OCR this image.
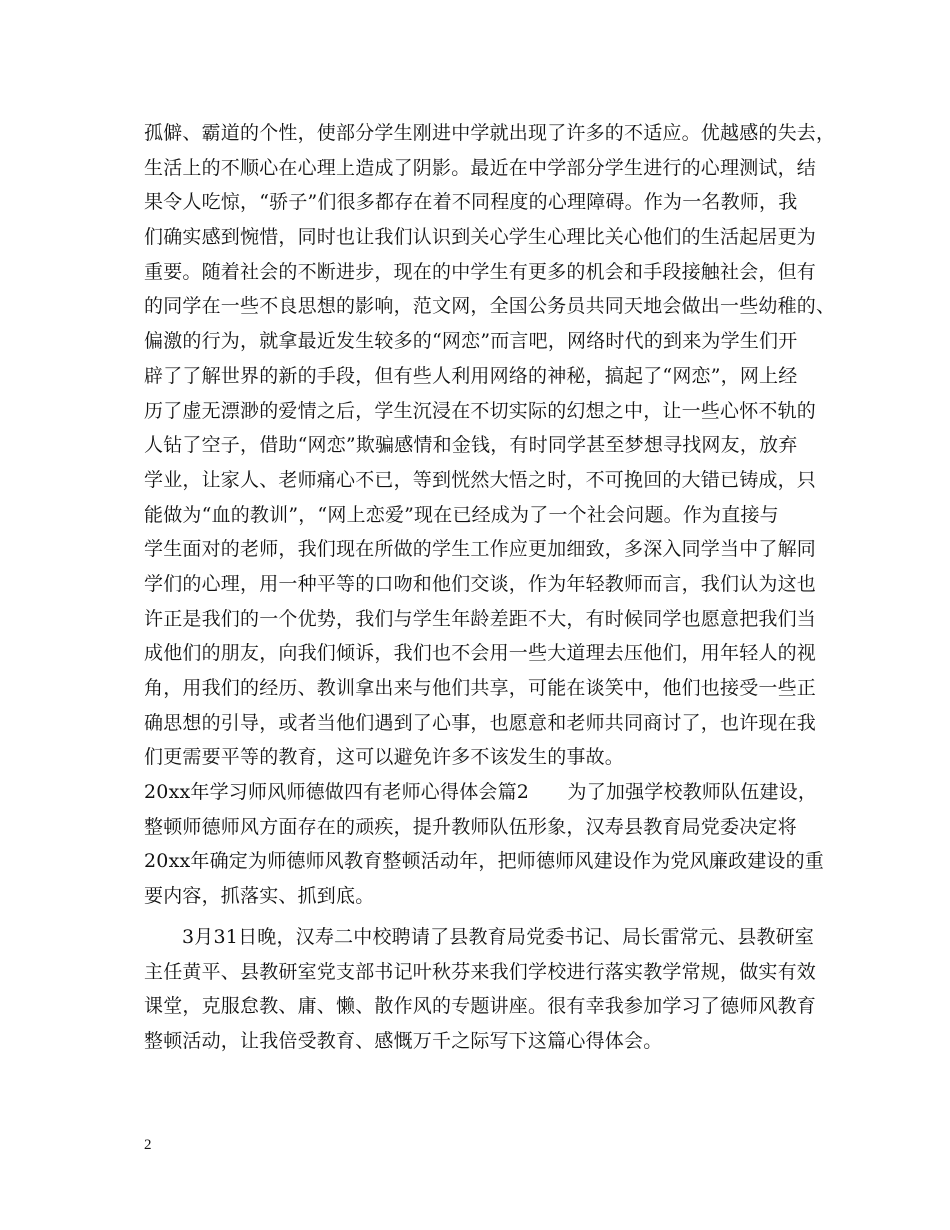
孤僻、霸道的个性，使部分学生刚进中学就出现了许多的不适应。优越感的失去，
生活上的不顺心在心理上造成了阴影。最近在中学部分学生进行的心理测试，结
果令人吃惊，“骄子”们很多都存在着不同程度的心理障碍。作为一名教师，我
们确实感到惋惜，同时也让我们认识到关心学生心理比关心他们的生活起居更为
重要。随着社会的不断进步，现在的中学生有更多的机会和手段接触社会，但有
的同学在一些不良思想的影响，范文网，全国公务员共同天地会做出一些幼稚的、
偏激的行为，就拿最近发生较多的“网恋”而言吧，网络时代的到来为学生们开
辟了了解世界的新的手段，但有些人利用网络的神秘，搞起了“网恋”，网上经
历了虚无漂渺的爱情之后，学生沉浸在不切实际的幻想之中，让一些心怀不轨的
人钻了空子，借助“网恋”欺骗感情和金钱，有时同学甚至梦想寻找网友，放弃
学业，让家人、老师痛心不已，等到恍然大悟之时，不可挽回的大错已铸成，只
能做为“血的教训”，“网上恋爱”现在已经成为了一个社会问题。作为直接与
学生面对的老师，我们现在所做的学生工作应更加细致，多深入同学当中了解同
学们的心理，用一种平等的口吻和他们交谈，作为年轻教师而言，我们认为这也
许正是我们的一个优势，我们与学生年龄差距不大，有时候同学也愿意把我们当
成他们的朋友，向我们倾诉，我们也不会用一些大道理去压他们，用年轻人的视
角，用我们的经历、教训拿出来与他们共享，可能在谈笑中，他们也接受一些正
确思想的引导，或者当他们遇到了心事，也愿意和老师共同商讨了，也许现在我
们更需要平等的教育，这可以避免许多不该发生的事故。
20xx年学习师风师德做四有老师心得体会篇2　　为了加强学校教师队伍建设，
整顿师德师风方面存在的顽疾，提升教师队伍形象，汉寿县教育局党委决定将
20xx年确定为师德师风教育整顿活动年，把师德师风建设作为党风廉政建设的重
要内容，抓落实、抓到底。
3月31日晚，汉寿二中校聘请了县教育局党委书记、局长雷常元、县教研室
主任黄平、县教研室党支部书记叶秋芬来我们学校进行落实教学常规，做实有效
课堂，克服怠教、庸、懒、散作风的专题讲座。很有幸我参加学习了德师风教育
整顿活动，让我倍受教育、感慨万千之际写下这篇心得体会。
2
